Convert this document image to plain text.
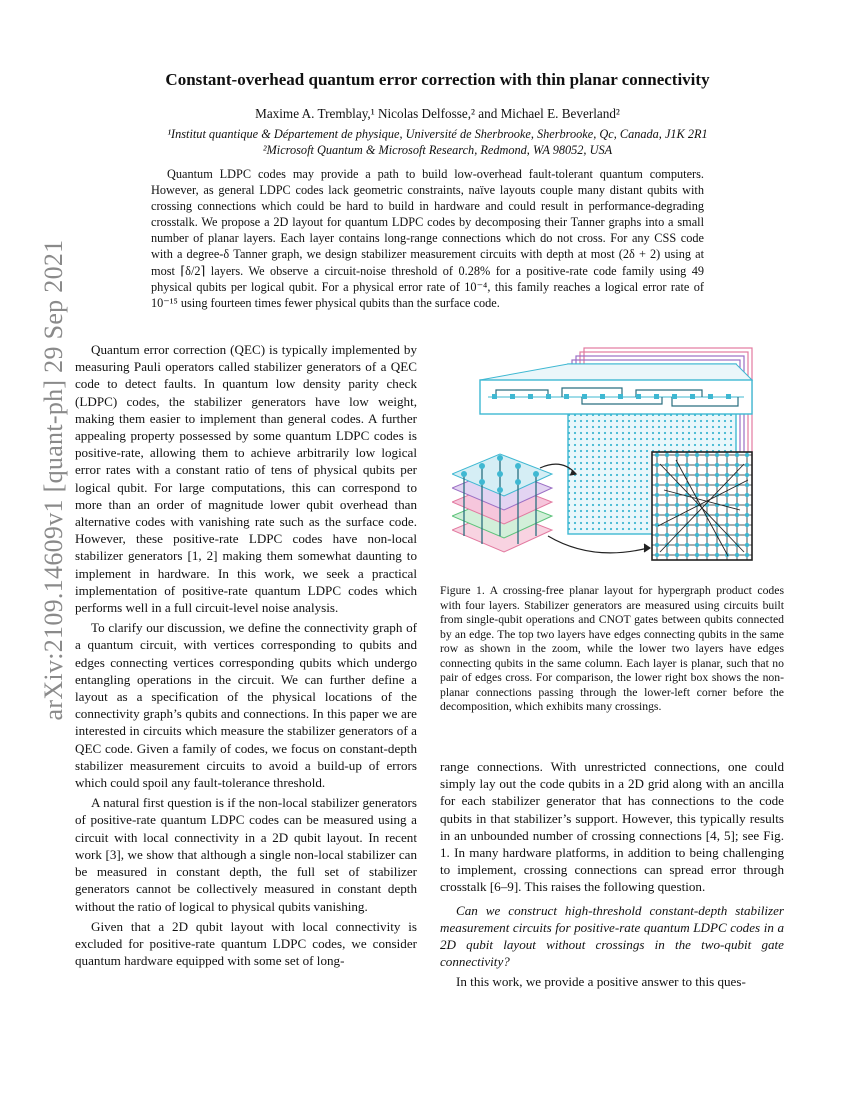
arXiv:2109.14609v1 [quant-ph] 29 Sep 2021
Constant-overhead quantum error correction with thin planar connectivity
Maxime A. Tremblay,¹ Nicolas Delfosse,² and Michael E. Beverland²
¹Institut quantique & Département de physique, Université de Sherbrooke, Sherbrooke, Qc, Canada, J1K 2R1
²Microsoft Quantum & Microsoft Research, Redmond, WA 98052, USA
Quantum LDPC codes may provide a path to build low-overhead fault-tolerant quantum computers. However, as general LDPC codes lack geometric constraints, naïve layouts couple many distant qubits with crossing connections which could be hard to build in hardware and could result in performance-degrading crosstalk. We propose a 2D layout for quantum LDPC codes by decomposing their Tanner graphs into a small number of planar layers. Each layer contains long-range connections which do not cross. For any CSS code with a degree-δ Tanner graph, we design stabilizer measurement circuits with depth at most (2δ + 2) using at most ⌈δ/2⌉ layers. We observe a circuit-noise threshold of 0.28% for a positive-rate code family using 49 physical qubits per logical qubit. For a physical error rate of 10⁻⁴, this family reaches a logical error rate of 10⁻¹⁵ using fourteen times fewer physical qubits than the surface code.

Quantum error correction (QEC) is typically implemented by measuring Pauli operators called stabilizer generators of a QEC code to detect faults. In quantum low density parity check (LDPC) codes, the stabilizer generators have low weight, making them easier to implement than general codes. A further appealing property possessed by some quantum LDPC codes is positive-rate, allowing them to achieve arbitrarily low logical error rates with a constant ratio of tens of physical qubits per logical qubit. For large computations, this can correspond to more than an order of magnitude lower qubit overhead than alternative codes with vanishing rate such as the surface code. However, these positive-rate LDPC codes have non-local stabilizer generators [1, 2] making them somewhat daunting to implement in hardware. In this work, we seek a practical implementation of positive-rate quantum LDPC codes which performs well in a full circuit-level noise analysis.

To clarify our discussion, we define the connectivity graph of a quantum circuit, with vertices corresponding to qubits and edges connecting vertices corresponding qubits which undergo entangling operations in the circuit. We can further define a layout as a specification of the physical locations of the connectivity graph’s qubits and connections. In this paper we are interested in circuits which measure the stabilizer generators of a QEC code. Given a family of codes, we focus on constant-depth stabilizer measurement circuits to avoid a build-up of errors which could spoil any fault-tolerance threshold.

A natural first question is if the non-local stabilizer generators of positive-rate quantum LDPC codes can be measured using a circuit with local connectivity in a 2D qubit layout. In recent work [3], we show that although a single non-local stabilizer can be measured in constant depth, the full set of stabilizer generators cannot be collectively measured in constant depth without the ratio of logical to physical qubits vanishing.

Given that a 2D qubit layout with local connectivity is excluded for positive-rate quantum LDPC codes, we consider quantum hardware equipped with some set of long-

Figure 1. A crossing-free planar layout for hypergraph product codes with four layers. Stabilizer generators are measured using circuits built from single-qubit operations and CNOT gates between qubits connected by an edge. The top two layers have edges connecting qubits in the same row as shown in the zoom, while the lower two layers have edges connecting qubits in the same column. Each layer is planar, such that no pair of edges cross. For comparison, the lower right box shows the non-planar connections passing through the lower-left corner before the decomposition, which exhibits many crossings.

range connections. With unrestricted connections, one could simply lay out the code qubits in a 2D grid along with an ancilla for each stabilizer generator that has connections to the code qubits in that stabilizer’s support. However, this typically results in an unbounded number of crossing connections [4, 5]; see Fig. 1. In many hardware platforms, in addition to being challenging to implement, crossing connections can spread error through crosstalk [6–9]. This raises the following question.

Can we construct high-threshold constant-depth stabilizer measurement circuits for positive-rate quantum LDPC codes in a 2D qubit layout without crossings in the two-qubit gate connectivity?

In this work, we provide a positive answer to this ques-
